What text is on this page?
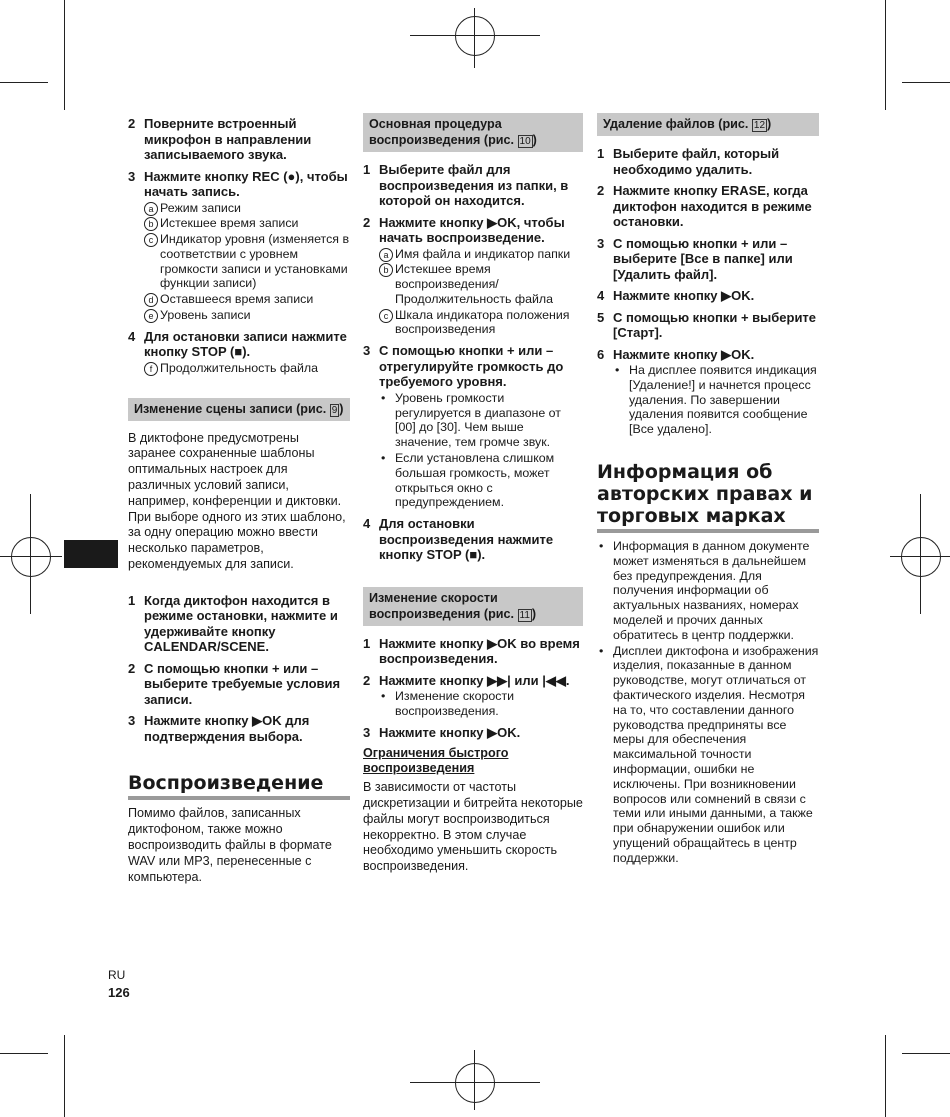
2 Поверните встроенный микрофон в направлении записываемого звука.
3 Нажмите кнопку REC (●), чтобы начать запись.
a Режим записи
b Истекшее время записи
c Индикатор уровня (изменяется в соответствии с уровнем громкости записи и установками функции записи)
d Оставшееся время записи
e Уровень записи
4 Для остановки записи нажмите кнопку STOP (■).
f Продолжительность файла
Изменение сцены записи (рис. 9 )
В диктофоне предусмотрены заранее сохраненные шаблоны оптимальных настроек для различных условий записи, например, конференции и диктовки. При выборе одного из этих шаблоно, за одну операцию можно ввести несколько параметров, рекомендуемых для записи.
1 Когда диктофон находится в режиме остановки, нажмите и удерживайте кнопку CALENDAR/SCENE.
2 С помощью кнопки + или – выберите требуемые условия записи.
3 Нажмите кнопку ▶OK для подтверждения выбора.
Воспроизведение
Помимо файлов, записанных диктофоном, также можно воспроизводить файлы в формате WAV или MP3, перенесенные с компьютера.
Основная процедура воспроизведения (рис. 10 )
1 Выберите файл для воспроизведения из папки, в которой он находится.
2 Нажмите кнопку ▶OK, чтобы начать воспроизведение.
a Имя файла и индикатор папки
b Истекшее время воспроизведения/ Продолжительность файла
c Шкала индикатора положения воспроизведения
3 С помощью кнопки + или – отрегулируйте громкость до требуемого уровня.
• Уровень громкости регулируется в диапазоне от [00] до [30]. Чем выше значение, тем громче звук.
• Если установлена слишком большая громкость, может открыться окно с предупреждением.
4 Для остановки воспроизведения нажмите кнопку STOP (■).
Изменение скорости воспроизведения (рис. 11 )
1 Нажмите кнопку ▶OK во время воспроизведения.
2 Нажмите кнопку ▶▶| или |◀◀.
• Изменение скорости воспроизведения.
3 Нажмите кнопку ▶OK.
Ограничения быстрого воспроизведения
В зависимости от частоты дискретизации и битрейта некоторые файлы могут воспроизводиться некорректно. В этом случае необходимо уменьшить скорость воспроизведения.
Удаление файлов (рис. 12 )
1 Выберите файл, который необходимо удалить.
2 Нажмите кнопку ERASE, когда диктофон находится в режиме остановки.
3 С помощью кнопки + или – выберите [Все в папке] или [Удалить файл].
4 Нажмите кнопку ▶OK.
5 С помощью кнопки + выберите [Старт].
6 Нажмите кнопку ▶OK.
• На дисплее появится индикация [Удаление!] и начнется процесс удаления. По завершении удаления появится сообщение [Все удалено].
Информация об авторских правах и торговых марках
• Информация в данном документе может изменяться в дальнейшем без предупреждения. Для получения информации об актуальных названиях, номерах моделей и прочих данных обратитесь в центр поддержки.
• Дисплеи диктофона и изображения изделия, показанные в данном руководстве, могут отличаться от фактического изделия. Несмотря на то, что составлении данного руководства предприняты все меры для обеспечения максимальной точности информации, ошибки не исключены. При возникновении вопросов или сомнений в связи с теми или иными данными, а также при обнаружении ошибок или упущений обращайтесь в центр поддержки.
RU
126
